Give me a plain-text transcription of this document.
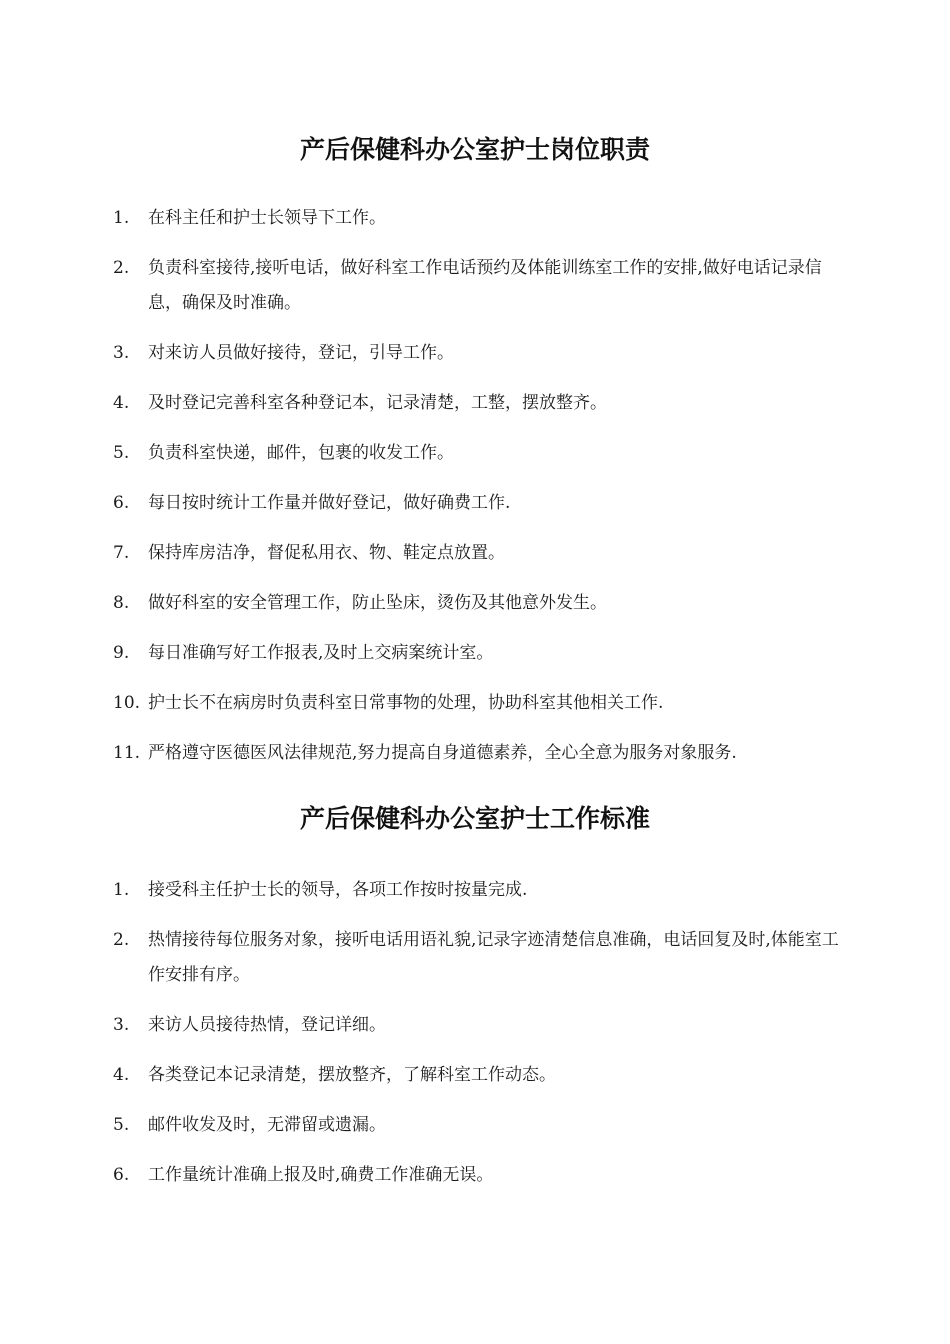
产后保健科办公室护士岗位职责
1.	在科主任和护士长领导下工作。
2.	负责科室接待,接听电话，做好科室工作电话预约及体能训练室工作的安排,做好电话记录信息，确保及时准确。
3.	对来访人员做好接待，登记，引导工作。
4.	及时登记完善科室各种登记本，记录清楚，工整，摆放整齐。
5.	负责科室快递，邮件，包裹的收发工作。
6.	每日按时统计工作量并做好登记，做好确费工作.
7.	保持库房洁净，督促私用衣、物、鞋定点放置。
8.	做好科室的安全管理工作，防止坠床，烫伤及其他意外发生。
9.	每日准确写好工作报表,及时上交病案统计室。
10. 护士长不在病房时负责科室日常事物的处理，协助科室其他相关工作.
11. 严格遵守医德医风法律规范,努力提高自身道德素养，全心全意为服务对象服务.
产后保健科办公室护士工作标准
1.	接受科主任护士长的领导，各项工作按时按量完成.
2.	热情接待每位服务对象，接听电话用语礼貌,记录字迹清楚信息准确，电话回复及时,体能室工作安排有序。
3.	来访人员接待热情，登记详细。
4.	各类登记本记录清楚，摆放整齐，了解科室工作动态。
5.	邮件收发及时，无滞留或遗漏。
6.	工作量统计准确上报及时,确费工作准确无误。
